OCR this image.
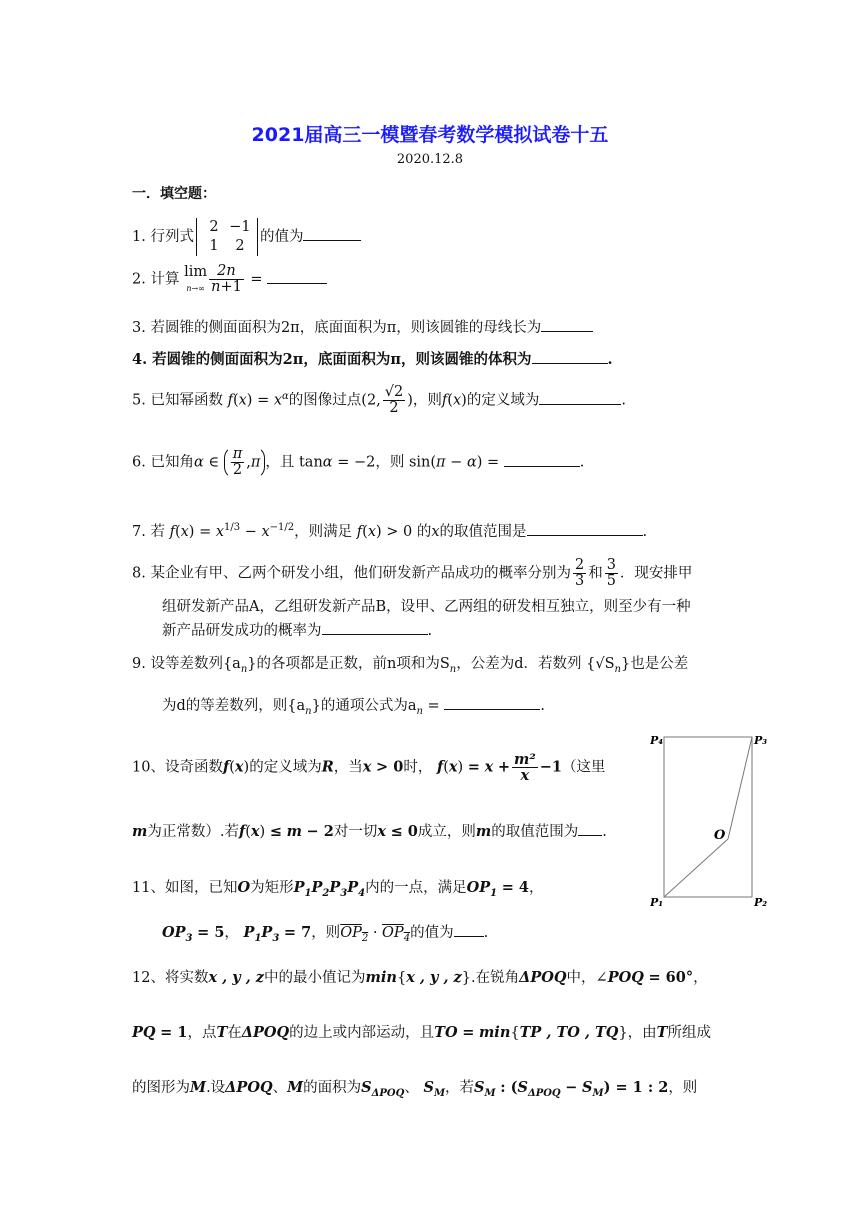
2021届高三一模暨春考数学模拟试卷十五
2020.12.8
一．填空题：
1. 行列式2 −1
1 2的值为
2. 计算 lim
$n\to\infty \frac{2n}{n+1}$ =
3. 若圆锥的侧面面积为2π，底面面积为π，则该圆锥的母线长为
4. 若圆锥的侧面面积为2π，底面面积为π，则该圆锥的体积为	.
5. 已知幂函数 $f(x) = x^\alpha$的图像过点(2, $\frac{√2}{2}$ )，则f(x)的定义域为	.
6. 已知角α ∈ $\frac{\pi}{2} ,\pi$ ，且 tanα = −2，则 sin(π − α) =	.
7. 若 $f(x) = x^{1/3} - x^{-1/2}$，则满足 f(x) > 0 的x的取值范围是	.
8. 某企业有甲、乙两个研发小组，他们研发新产品成功的概率分别为 $\frac{2}{3}$ 和 $\frac{3}{5}$ ．现安排甲
组研发新产品A，乙组研发新产品B，设甲、乙两组的研发相互独立，则至少有一种
新产品研发成功的概率为	.
9. 设等差数列$\{a_n\}$的各项都是正数，前n项和为$S_n$，公差为d．若数列 $\{√S_n\}$也是公差
为d的等差数列，则$\{a_n\}$的通项公式为$a_n$ =	.
10、设奇函数f(x)的定义域为R，当x > 0时， $f(x) = x + \frac{\text{m²}}{x} -1$（这里
m为正常数）.若f(x) ≤ m − 2对一切x ≤ 0成立，则m的取值范围为 .
11、如图，已知O为矩形$P_1P_2P_3P_4$内的一点，满足$OP_1 = 4$，
$OP_3 = 5$， $P_1P_3 = 7$，则$OP_2 \cdot OP_4$的值为 .
P₄	P₃
O
P₁	P₂
12、将实数x , y , z中的最小值记为min{x , y , z}.在锐角ΔPOQ中，∠POQ = 60°，
PQ = 1，点T在ΔPOQ的边上或内部运动，且TO = min{TP , TO , TQ}，由T所组成
的图形为M.设ΔPOQ、M的面积为$S_{\Delta POQ}$、 $S_M$，若$S_M$ : $(S_{\Delta POQ} - S_M) = 1$ : 2，则
